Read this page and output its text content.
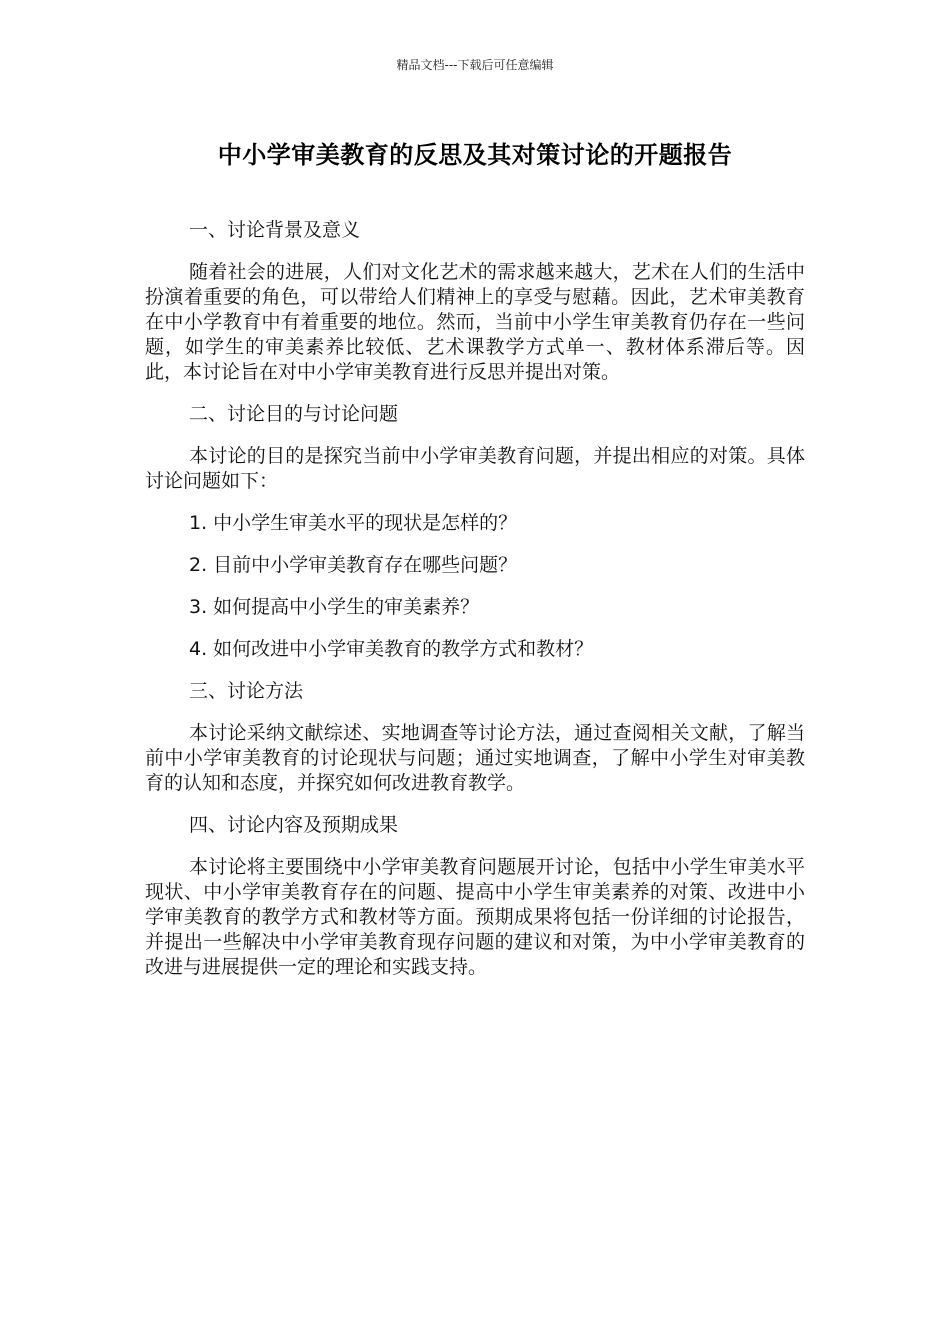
精品文档---下载后可任意编辑
中小学审美教育的反思及其对策讨论的开题报告

一、讨论背景及意义

随着社会的进展，人们对文化艺术的需求越来越大，艺术在人们的生活中扮演着重要的角色，可以带给人们精神上的享受与慰藉。因此，艺术审美教育在中小学教育中有着重要的地位。然而，当前中小学生审美教育仍存在一些问题，如学生的审美素养比较低、艺术课教学方式单一、教材体系滞后等。因此，本讨论旨在对中小学审美教育进行反思并提出对策。

二、讨论目的与讨论问题

本讨论的目的是探究当前中小学审美教育问题，并提出相应的对策。具体讨论问题如下：

1. 中小学生审美水平的现状是怎样的？

2. 目前中小学审美教育存在哪些问题？

3. 如何提高中小学生的审美素养？

4. 如何改进中小学审美教育的教学方式和教材？

三、讨论方法

本讨论采纳文献综述、实地调查等讨论方法，通过查阅相关文献，了解当前中小学审美教育的讨论现状与问题；通过实地调查，了解中小学生对审美教育的认知和态度，并探究如何改进教育教学。

四、讨论内容及预期成果

本讨论将主要围绕中小学审美教育问题展开讨论，包括中小学生审美水平现状、中小学审美教育存在的问题、提高中小学生审美素养的对策、改进中小学审美教育的教学方式和教材等方面。预期成果将包括一份详细的讨论报告，并提出一些解决中小学审美教育现存问题的建议和对策，为中小学审美教育的改进与进展提供一定的理论和实践支持。
